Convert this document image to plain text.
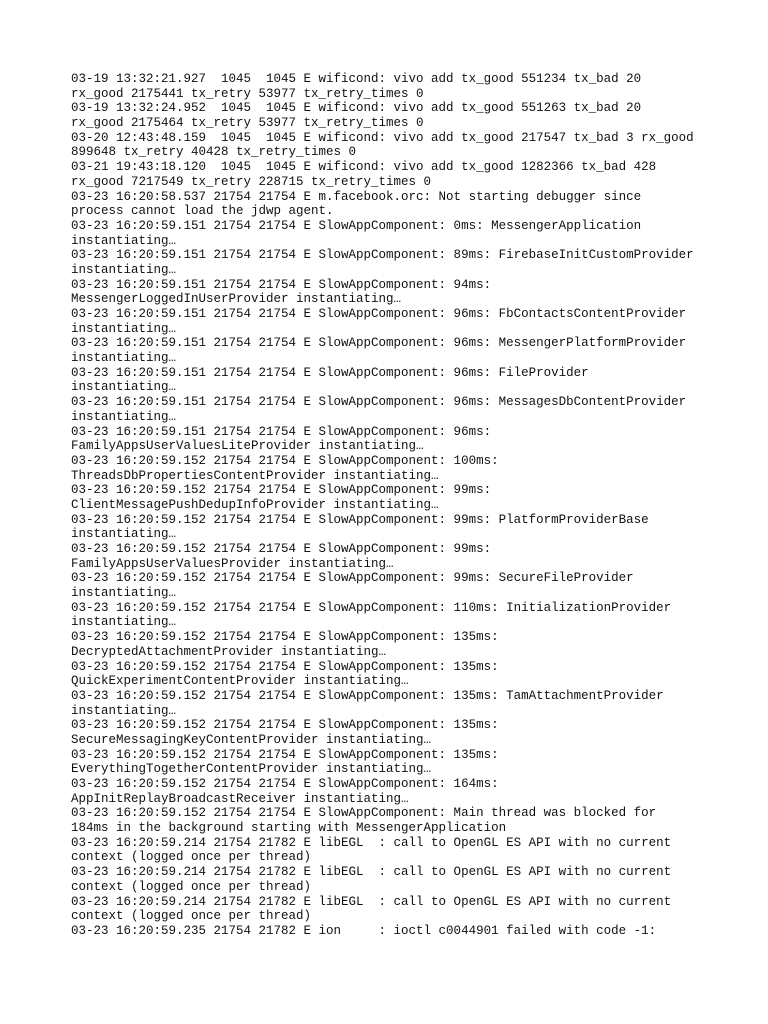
03-19 13:32:21.927  1045  1045 E wificond: vivo add tx_good 551234 tx_bad 20
rx_good 2175441 tx_retry 53977 tx_retry_times 0
03-19 13:32:24.952  1045  1045 E wificond: vivo add tx_good 551263 tx_bad 20
rx_good 2175464 tx_retry 53977 tx_retry_times 0
03-20 12:43:48.159  1045  1045 E wificond: vivo add tx_good 217547 tx_bad 3 rx_good
899648 tx_retry 40428 tx_retry_times 0
03-21 19:43:18.120  1045  1045 E wificond: vivo add tx_good 1282366 tx_bad 428
rx_good 7217549 tx_retry 228715 tx_retry_times 0
03-23 16:20:58.537 21754 21754 E m.facebook.orc: Not starting debugger since
process cannot load the jdwp agent.
03-23 16:20:59.151 21754 21754 E SlowAppComponent: 0ms: MessengerApplication
instantiating…
03-23 16:20:59.151 21754 21754 E SlowAppComponent: 89ms: FirebaseInitCustomProvider
instantiating…
03-23 16:20:59.151 21754 21754 E SlowAppComponent: 94ms:
MessengerLoggedInUserProvider instantiating…
03-23 16:20:59.151 21754 21754 E SlowAppComponent: 96ms: FbContactsContentProvider
instantiating…
03-23 16:20:59.151 21754 21754 E SlowAppComponent: 96ms: MessengerPlatformProvider
instantiating…
03-23 16:20:59.151 21754 21754 E SlowAppComponent: 96ms: FileProvider
instantiating…
03-23 16:20:59.151 21754 21754 E SlowAppComponent: 96ms: MessagesDbContentProvider
instantiating…
03-23 16:20:59.151 21754 21754 E SlowAppComponent: 96ms:
FamilyAppsUserValuesLiteProvider instantiating…
03-23 16:20:59.152 21754 21754 E SlowAppComponent: 100ms:
ThreadsDbPropertiesContentProvider instantiating…
03-23 16:20:59.152 21754 21754 E SlowAppComponent: 99ms:
ClientMessagePushDedupInfoProvider instantiating…
03-23 16:20:59.152 21754 21754 E SlowAppComponent: 99ms: PlatformProviderBase
instantiating…
03-23 16:20:59.152 21754 21754 E SlowAppComponent: 99ms:
FamilyAppsUserValuesProvider instantiating…
03-23 16:20:59.152 21754 21754 E SlowAppComponent: 99ms: SecureFileProvider
instantiating…
03-23 16:20:59.152 21754 21754 E SlowAppComponent: 110ms: InitializationProvider
instantiating…
03-23 16:20:59.152 21754 21754 E SlowAppComponent: 135ms:
DecryptedAttachmentProvider instantiating…
03-23 16:20:59.152 21754 21754 E SlowAppComponent: 135ms:
QuickExperimentContentProvider instantiating…
03-23 16:20:59.152 21754 21754 E SlowAppComponent: 135ms: TamAttachmentProvider
instantiating…
03-23 16:20:59.152 21754 21754 E SlowAppComponent: 135ms:
SecureMessagingKeyContentProvider instantiating…
03-23 16:20:59.152 21754 21754 E SlowAppComponent: 135ms:
EverythingTogetherContentProvider instantiating…
03-23 16:20:59.152 21754 21754 E SlowAppComponent: 164ms:
AppInitReplayBroadcastReceiver instantiating…
03-23 16:20:59.152 21754 21754 E SlowAppComponent: Main thread was blocked for
184ms in the background starting with MessengerApplication
03-23 16:20:59.214 21754 21782 E libEGL  : call to OpenGL ES API with no current
context (logged once per thread)
03-23 16:20:59.214 21754 21782 E libEGL  : call to OpenGL ES API with no current
context (logged once per thread)
03-23 16:20:59.214 21754 21782 E libEGL  : call to OpenGL ES API with no current
context (logged once per thread)
03-23 16:20:59.235 21754 21782 E ion     : ioctl c0044901 failed with code -1:
